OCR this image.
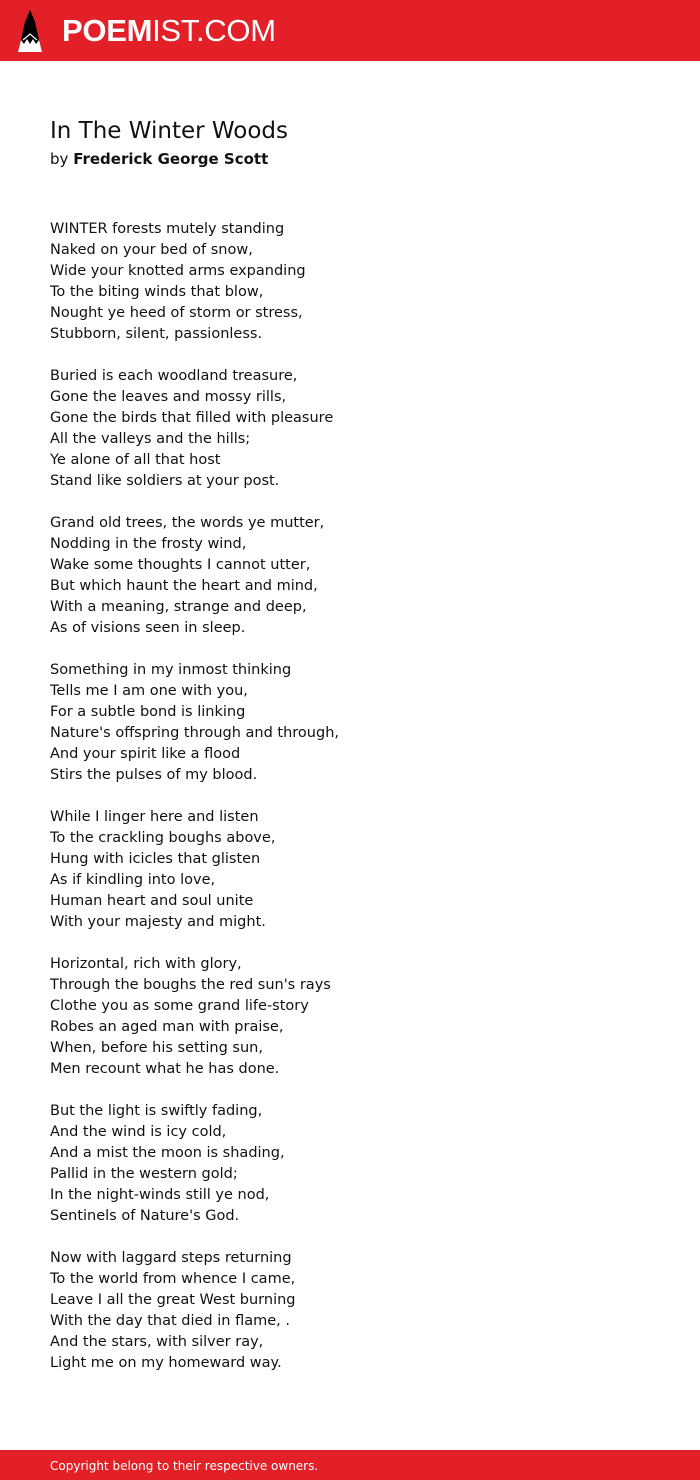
POEMIST.COM
In The Winter Woods
by Frederick George Scott
WINTER forests mutely standing
Naked on your bed of snow,
Wide your knotted arms expanding
To the biting winds that blow,
Nought ye heed of storm or stress,
Stubborn, silent, passionless.
Buried is each woodland treasure,
Gone the leaves and mossy rills,
Gone the birds that filled with pleasure
All the valleys and the hills;
Ye alone of all that host
Stand like soldiers at your post.
Grand old trees, the words ye mutter,
Nodding in the frosty wind,
Wake some thoughts I cannot utter,
But which haunt the heart and mind,
With a meaning, strange and deep,
As of visions seen in sleep.
Something in my inmost thinking
Tells me I am one with you,
For a subtle bond is linking
Nature's offspring through and through,
And your spirit like a flood
Stirs the pulses of my blood.
While I linger here and listen
To the crackling boughs above,
Hung with icicles that glisten
As if kindling into love,
Human heart and soul unite
With your majesty and might.
Horizontal, rich with glory,
Through the boughs the red sun's rays
Clothe you as some grand life-story
Robes an aged man with praise,
When, before his setting sun,
Men recount what he has done.
But the light is swiftly fading,
And the wind is icy cold,
And a mist the moon is shading,
Pallid in the western gold;
In the night-winds still ye nod,
Sentinels of Nature's God.
Now with laggard steps returning
To the world from whence I came,
Leave I all the great West burning
With the day that died in flame, .
And the stars, with silver ray,
Light me on my homeward way.
Copyright belong to their respective owners.
